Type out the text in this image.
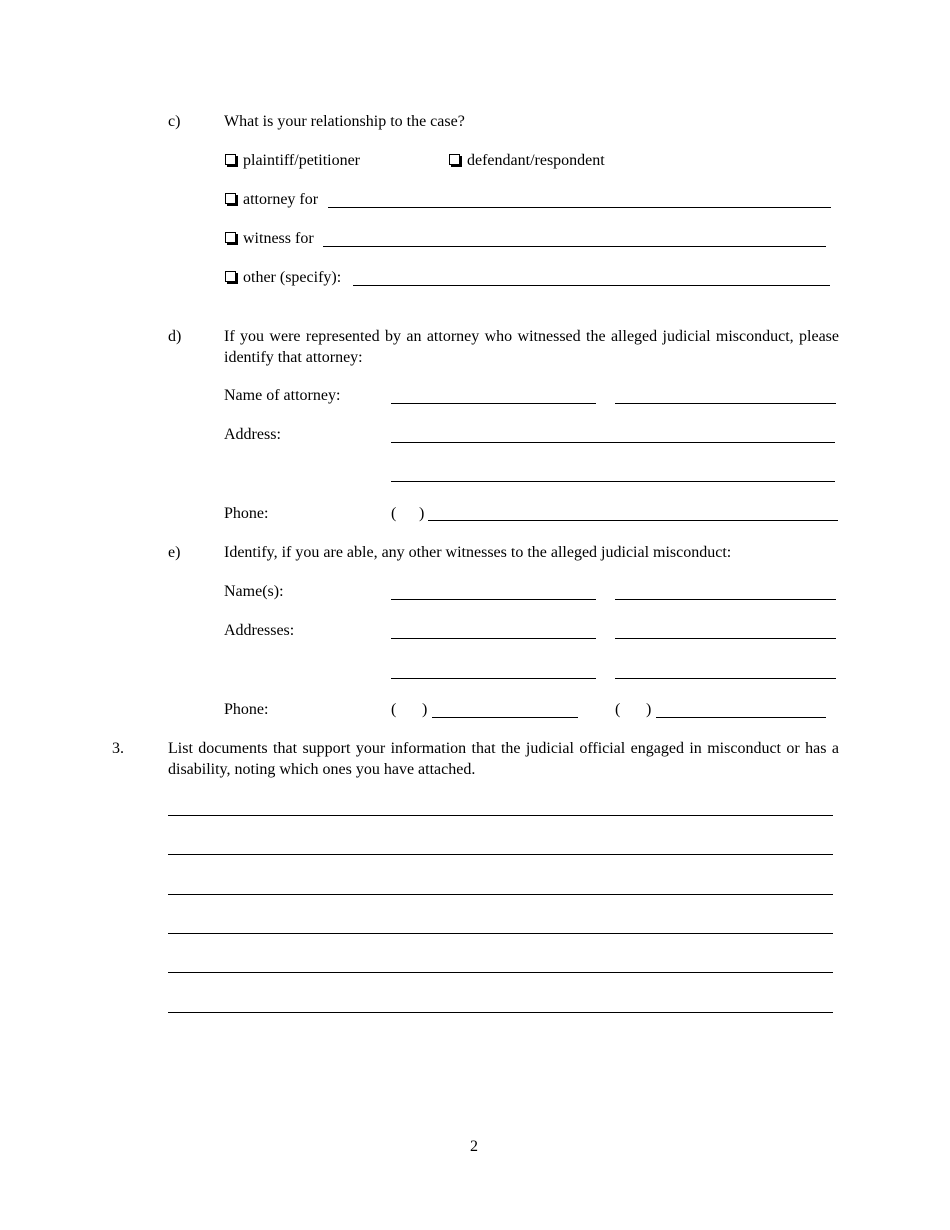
c)	What is your relationship to the case?
plaintiff/petitioner	defendant/respondent
attorney for
witness for
other (specify):
d)	If you were represented by an attorney who witnessed the alleged judicial misconduct, please identify that attorney:
Name of attorney:
Address:
Phone:	( )
e)	Identify, if you are able, any other witnesses to the alleged judicial misconduct:
Name(s):
Addresses:
Phone:	( )	( )
3.	List documents that support your information that the judicial official engaged in misconduct or has a disability, noting which ones you have attached.
2
